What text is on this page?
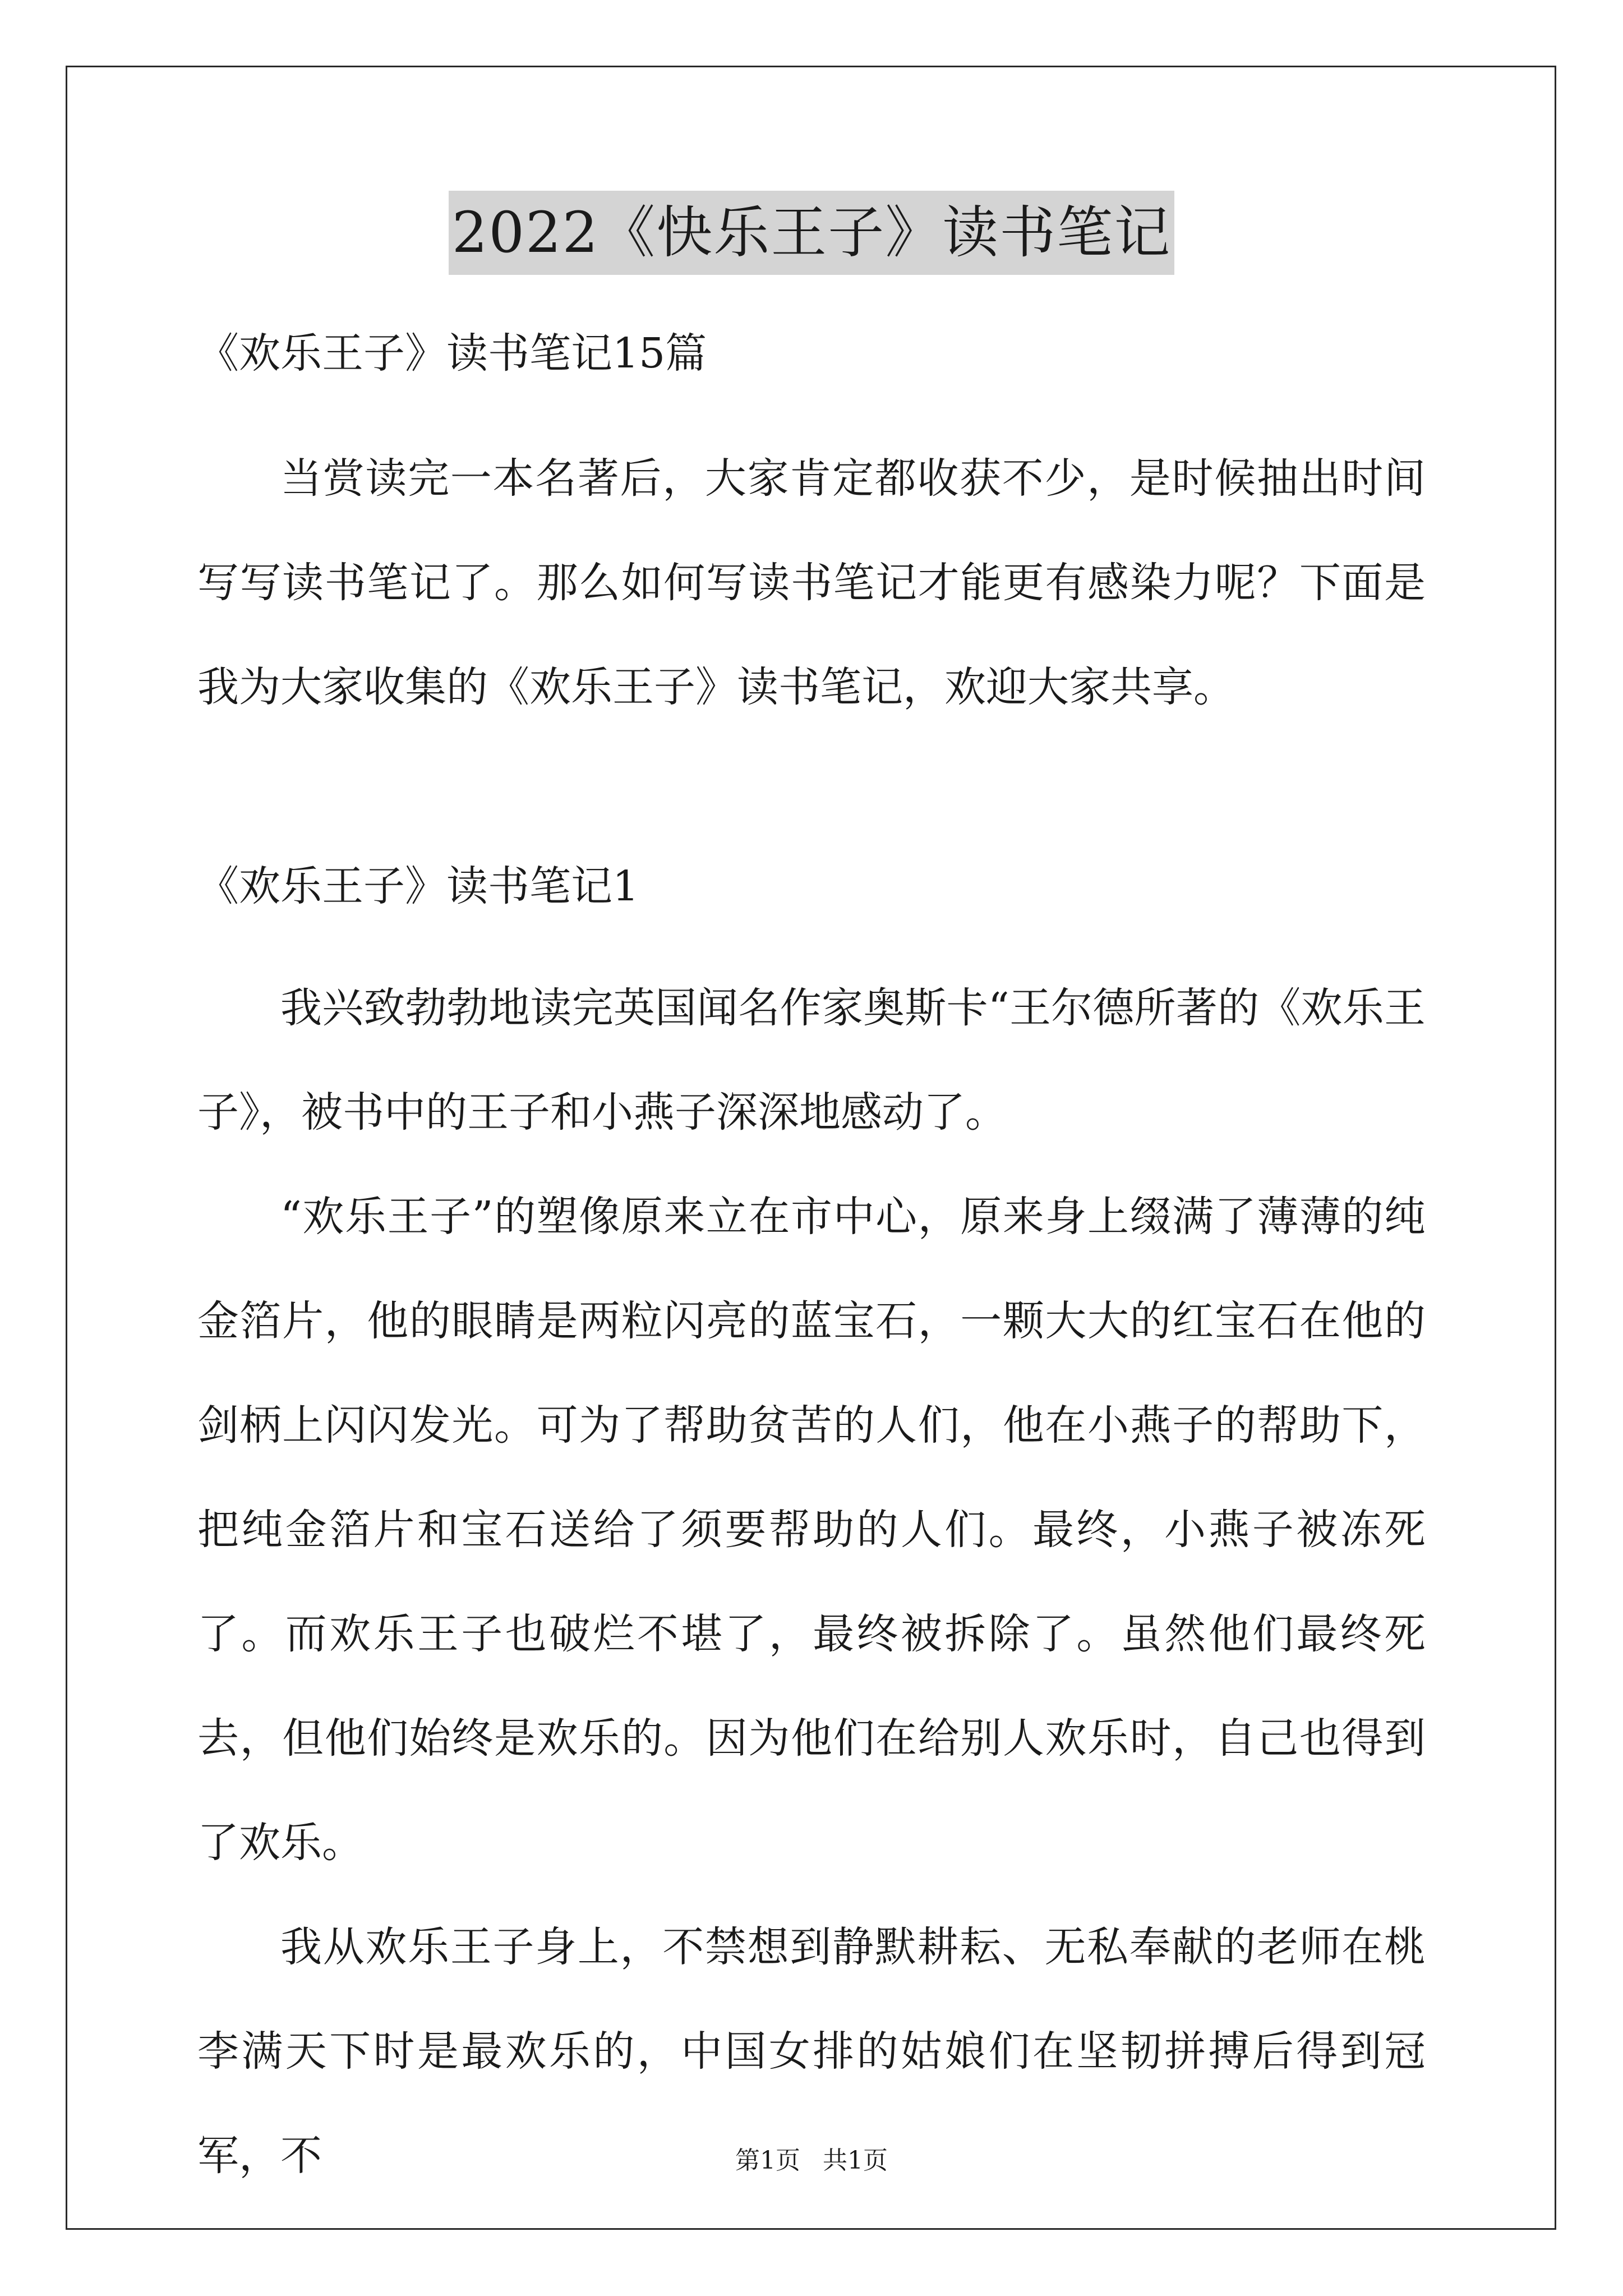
2022《快乐王子》读书笔记
《欢乐王子》读书笔记15篇

当赏读完一本名著后，大家肯定都收获不少，是时候抽出时间写写读书笔记了。那么如何写读书笔记才能更有感染力呢？下面是我为大家收集的《欢乐王子》读书笔记，欢迎大家共享。

《欢乐王子》读书笔记1

我兴致勃勃地读完英国闻名作家奥斯卡“王尔德所著的《欢乐王子》，被书中的王子和小燕子深深地感动了。

“欢乐王子”的塑像原来立在市中心，原来身上缀满了薄薄的纯金箔片，他的眼睛是两粒闪亮的蓝宝石，一颗大大的红宝石在他的剑柄上闪闪发光。可为了帮助贫苦的人们，他在小燕子的帮助下，把纯金箔片和宝石送给了须要帮助的人们。最终，小燕子被冻死了。而欢乐王子也破烂不堪了，最终被拆除了。虽然他们最终死去，但他们始终是欢乐的。因为他们在给别人欢乐时，自己也得到了欢乐。

我从欢乐王子身上，不禁想到静默耕耘、无私奉献的老师在桃李满天下时是最欢乐的，中国女排的姑娘们在坚韧拼搏后得到冠军，不	第1页 共1页
